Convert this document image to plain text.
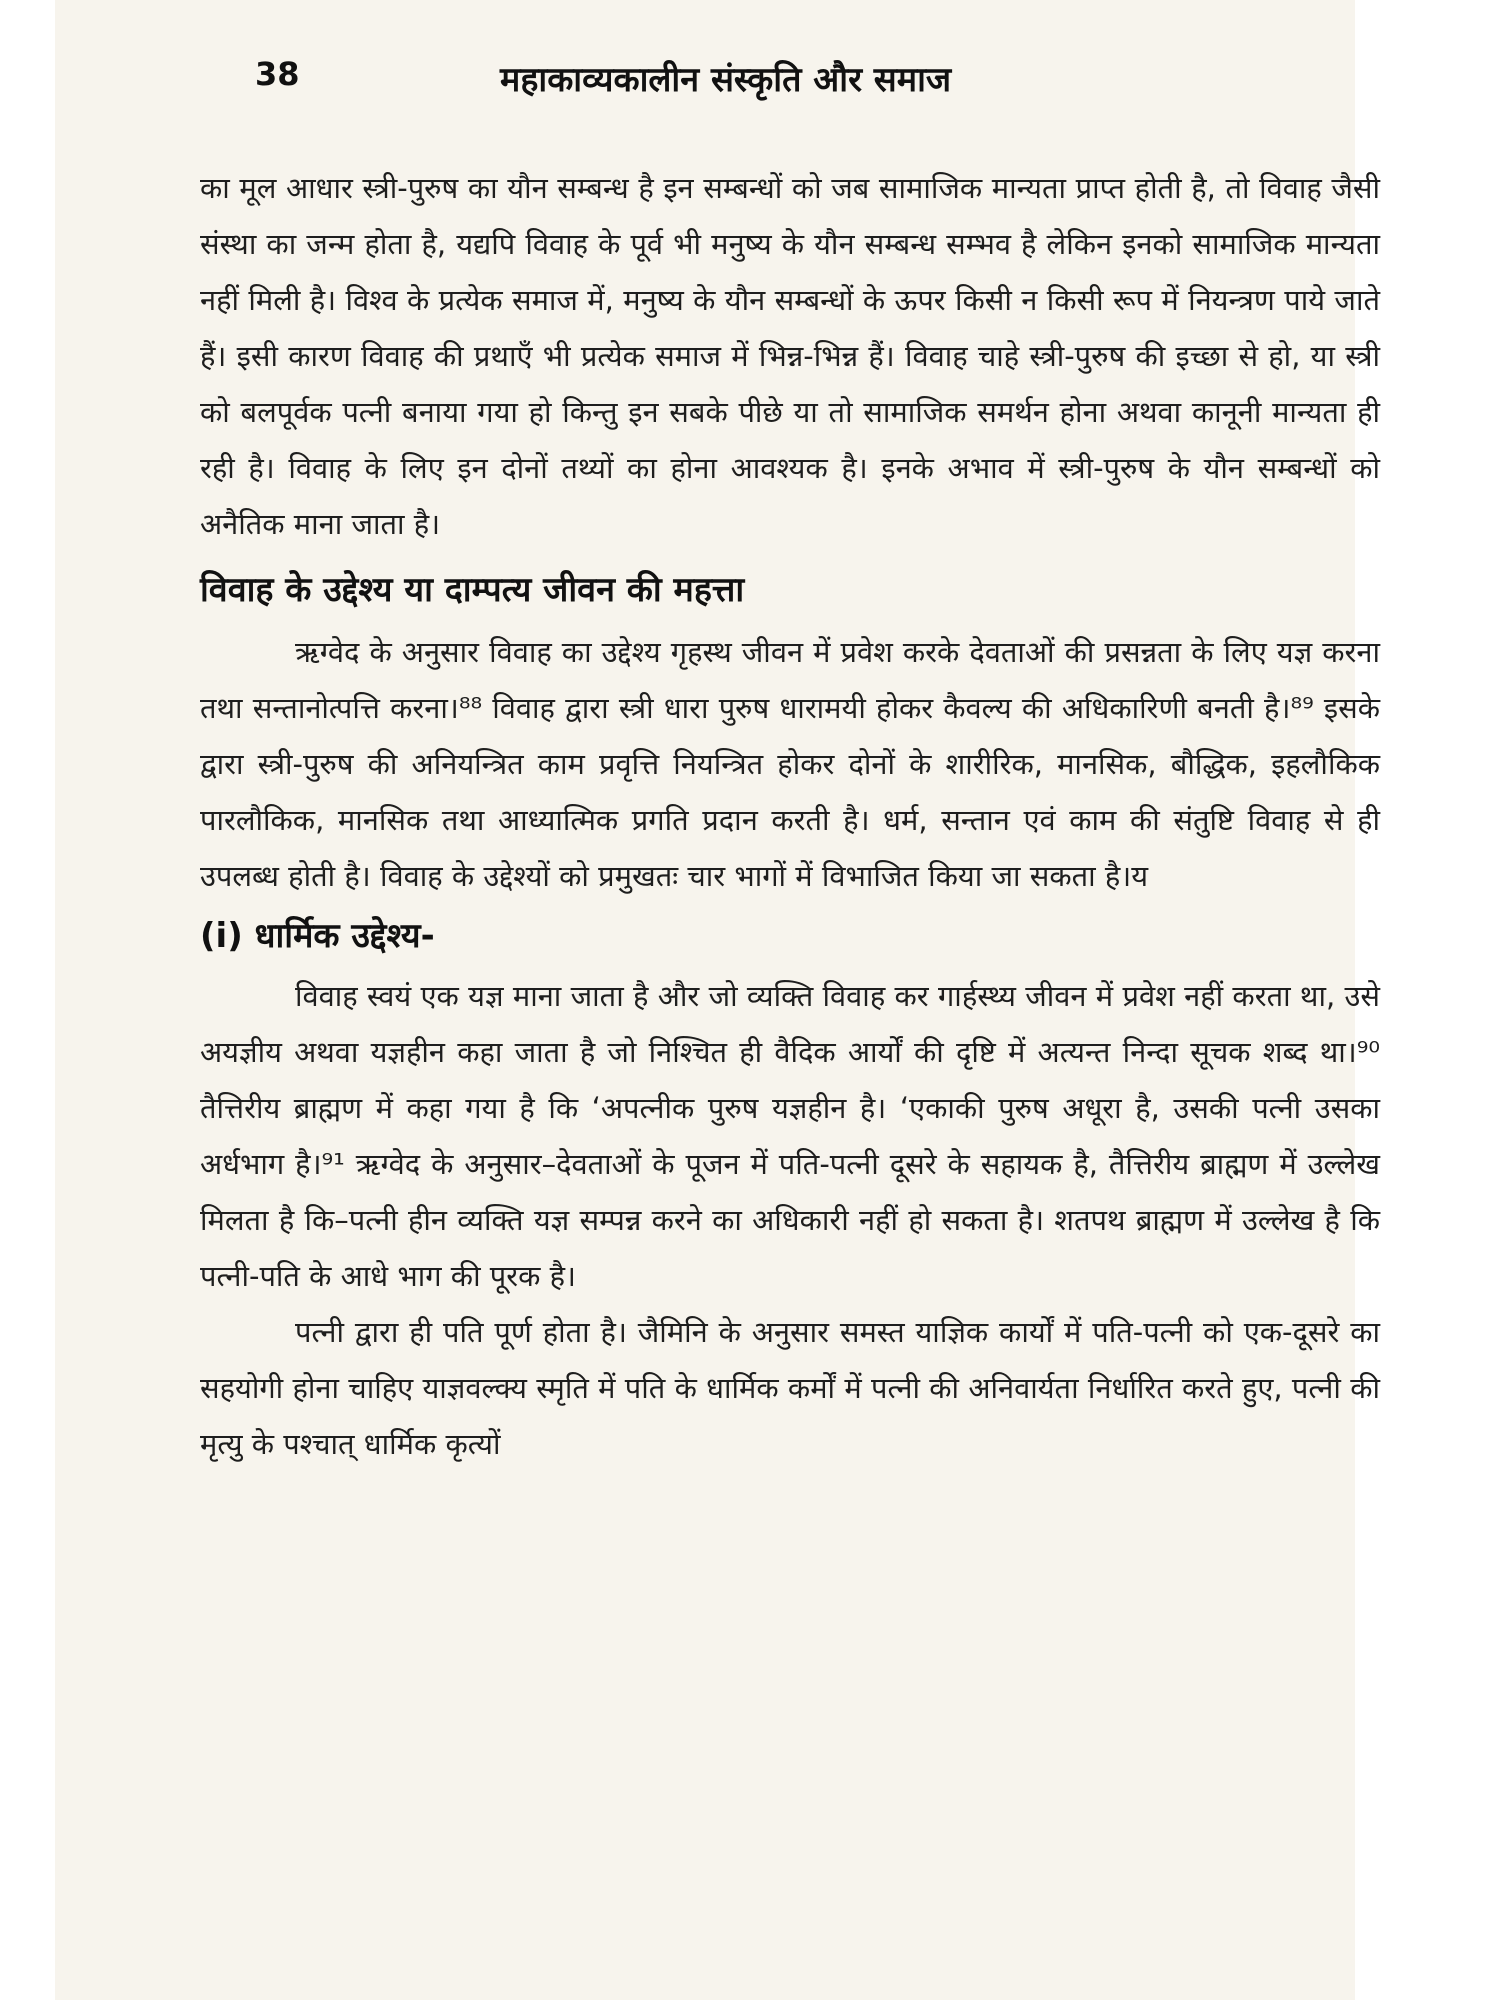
38	महाकाव्यकालीन संस्कृति और समाज

का मूल आधार स्त्री-पुरुष का यौन सम्बन्ध है इन सम्बन्धों को जब सामाजिक मान्यता प्राप्त होती है, तो विवाह जैसी संस्था का जन्म होता है, यद्यपि विवाह के पूर्व भी मनुष्य के यौन सम्बन्ध सम्भव है लेकिन इनको सामाजिक मान्यता नहीं मिली है। विश्व के प्रत्येक समाज में, मनुष्य के यौन सम्बन्धों के ऊपर किसी न किसी रूप में नियन्त्रण पाये जाते हैं। इसी कारण विवाह की प्रथाएँ भी प्रत्येक समाज में भिन्न-भिन्न हैं। विवाह चाहे स्त्री-पुरुष की इच्छा से हो, या स्त्री को बलपूर्वक पत्नी बनाया गया हो किन्तु इन सबके पीछे या तो सामाजिक समर्थन होना अथवा कानूनी मान्यता ही रही है। विवाह के लिए इन दोनों तथ्यों का होना आवश्यक है। इनके अभाव में स्त्री-पुरुष के यौन सम्बन्धों को अनैतिक माना जाता है।

विवाह के उद्देश्य या दाम्पत्य जीवन की महत्ता

ऋग्वेद के अनुसार विवाह का उद्देश्य गृहस्थ जीवन में प्रवेश करके देवताओं की प्रसन्नता के लिए यज्ञ करना तथा सन्तानोत्पत्ति करना।⁸⁸ विवाह द्वारा स्त्री धारा पुरुष धारामयी होकर कैवल्य की अधिकारिणी बनती है।⁸⁹ इसके द्वारा स्त्री-पुरुष की अनियन्त्रित काम प्रवृत्ति नियन्त्रित होकर दोनों के शारीरिक, मानसिक, बौद्धिक, इहलौकिक पारलौकिक, मानसिक तथा आध्यात्मिक प्रगति प्रदान करती है। धर्म, सन्तान एवं काम की संतुष्टि विवाह से ही उपलब्ध होती है। विवाह के उद्देश्यों को प्रमुखतः चार भागों में विभाजित किया जा सकता है।य

(i) धार्मिक उद्देश्य-

विवाह स्वयं एक यज्ञ माना जाता है और जो व्यक्ति विवाह कर गार्हस्थ्य जीवन में प्रवेश नहीं करता था, उसे अयज्ञीय अथवा यज्ञहीन कहा जाता है जो निश्चित ही वैदिक आर्यों की दृष्टि में अत्यन्त निन्दा सूचक शब्द था।⁹⁰ तैत्तिरीय ब्राह्मण में कहा गया है कि ‘अपत्नीक पुरुष यज्ञहीन है। ‘एकाकी पुरुष अधूरा है, उसकी पत्नी उसका अर्धभाग है।⁹¹ ऋग्वेद के अनुसार–देवताओं के पूजन में पति-पत्नी दूसरे के सहायक है, तैत्तिरीय ब्राह्मण में उल्लेख मिलता है कि–पत्नी हीन व्यक्ति यज्ञ सम्पन्न करने का अधिकारी नहीं हो सकता है। शतपथ ब्राह्मण में उल्लेख है कि पत्नी-पति के आधे भाग की पूरक है।

पत्नी द्वारा ही पति पूर्ण होता है। जैमिनि के अनुसार समस्त याज्ञिक कार्यों में पति-पत्नी को एक-दूसरे का सहयोगी होना चाहिए याज्ञवल्क्य स्मृति में पति के धार्मिक कर्मों में पत्नी की अनिवार्यता निर्धारित करते हुए, पत्नी की मृत्यु के पश्चात् धार्मिक कृत्यों
